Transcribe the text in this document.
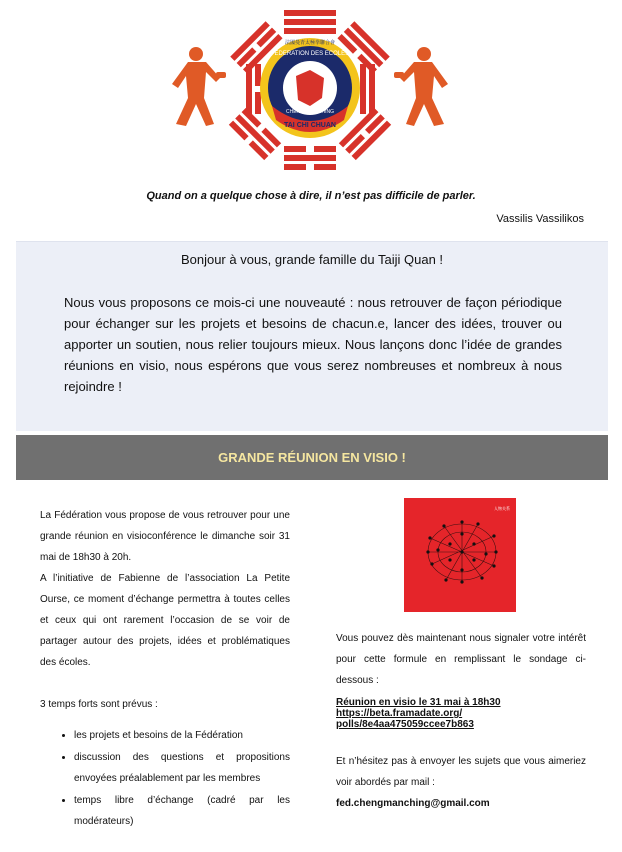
FEDERATION DES ECOLES
CHENG MAN CHING
TAI CHI CHUAN
法國曼青太極拳聯合會
Quand on a quelque chose à dire, il n’est pas difficile de parler.
Vassilis Vassilikos
Bonjour à vous, grande famille du Taiji Quan !

Nous vous proposons ce mois-ci une nouveauté : nous retrouver de façon périodique pour échanger sur les projets et besoins de chacun.e, lancer des idées, trouver ou apporter un soutien, nous relier toujours mieux. Nous lançons donc l’idée de grandes réunions en visio, nous espérons que vous serez nombreuses et nombreux à nous rejoindre !

GRANDE RÉUNION EN VISIO !

La Fédération vous propose de vous retrouver pour une grande réunion en visioconférence le dimanche soir 31 mai de 18h30 à 20h.

A l’initiative de Fabienne de l’association La Petite Ourse, ce moment d’échange permettra à toutes celles et ceux qui ont rarement l’occasion de se voir de partager autour des projets, idées et problématiques des écoles.

3 temps forts sont prévus :

• les projets et besoins de la Fédération
• discussion des questions et propositions envoyées préalablement par les membres
• temps libre d’échange (cadré par les modérateurs)
人物关系

Vous pouvez dès maintenant nous signaler votre intérêt pour cette formule en remplissant le sondage ci-dessous :

Réunion en visio le 31 mai à 18h30
https://beta.framadate.org/
polls/8e4aa475059ccee7b863

Et n’hésitez pas à envoyer les sujets que vous aimeriez voir abordés par mail :

fed.chengmanching@gmail.com
